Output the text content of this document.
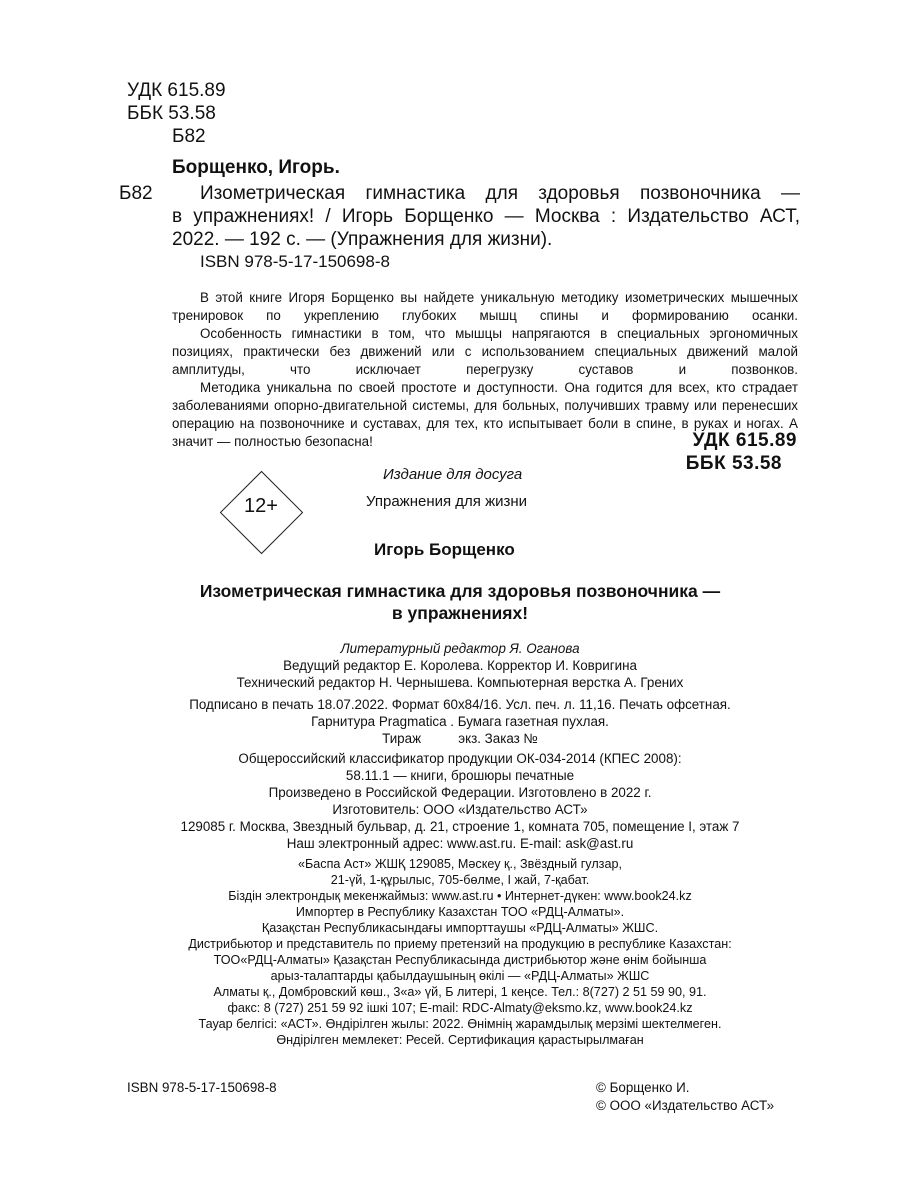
УДК 615.89
ББК 53.58
Б82
Борщенко, Игорь.
Б82 Изометрическая гимнастика для здоровья позвоночника —
в упражнениях! / Игорь Борщенко — Москва : Издательство АСТ,
2022. — 192 с. — (Упражнения для жизни).
ISBN 978-5-17-150698-8

В этой книге Игоря Борщенко вы найдете уникальную методику изометрических мышечных тренировок по укреплению глубоких мышц спины и формированию осанки.

Особенность гимнастики в том, что мышцы напрягаются в специальных эргономичных позициях, практически без движений или с использованием специальных движений малой амплитуды, что исключает перегрузку суставов и позвонков.

Методика уникальна по своей простоте и доступности. Она годится для всех, кто страдает заболеваниями опорно-двигательной системы, для больных, получивших травму или перенесших операцию на позвоночнике и суставах, для тех, кто испытывает боли в спине, в руках и ногах. А значит — полностью безопасна!	УДК 615.89
ББК 53.58
12+
Издание для досуга
Упражнения для жизни
Игорь Борщенко
Изометрическая гимнастика для здоровья позвоночника —
в упражнениях!
Литературный редактор Я. Оганова
Ведущий редактор Е. Королева. Корректор И. Ковригина
Технический редактор Н. Чернышева. Компьютерная верстка А. Грених
Подписано в печать 18.07.2022. Формат 60х84/16. Усл. печ. л. 11,16. Печать офсетная.
Гарнитура Pragmatica . Бумага газетная пухлая.
Тираж          экз. Заказ №
Общероссийский классификатор продукции ОК-034-2014 (КПЕС 2008):
58.11.1 — книги, брошюры печатные
Произведено в Российской Федерации. Изготовлено в 2022 г.
Изготовитель: ООО «Издательство АСТ»
129085 г. Москва, Звездный бульвар, д. 21, строение 1, комната 705, помещение I, этаж 7
Наш электронный адрес: www.ast.ru. E-mail: ask@ast.ru
«Баспа Аст» ЖШҚ 129085, Мәскеу қ., Звёздный гулзар,
21-үй, 1-құрылыс, 705-бөлме, I жай, 7-қабат.
Біздін электрондық мекенжаймыз: www.ast.ru • Интернет-дүкен: www.book24.kz
Импортер в Республику Казахстан ТОО «РДЦ-Алматы».
Қазақстан Республикасындағы импорттаушы «РДЦ-Алматы» ЖШС.
Дистрибьютор и представитель по приему претензий на продукцию в республике Казахстан:
ТОО«РДЦ-Алматы» Қазақстан Республикасында дистрибьютор және өнім бойынша
арыз-талаптарды қабылдаушының өкілі — «РДЦ-Алматы» ЖШС
Алматы қ., Домбровский көш., 3«а» үй, Б литері, 1 кеңсе. Тел.: 8(727) 2 51 59 90, 91.
факс: 8 (727) 251 59 92 ішкі 107; E-mail: RDC-Almaty@eksmo.kz, www.book24.kz
Тауар белгісі: «АСТ». Өндірілген жылы: 2022. Өнімнің жарамдылық мерзімі шектелмеген.
Өндірілген мемлекет: Ресей. Сертификация қарастырылмаған
ISBN 978-5-17-150698-8	© Борщенко И.
© ООО «Издательство АСТ»
